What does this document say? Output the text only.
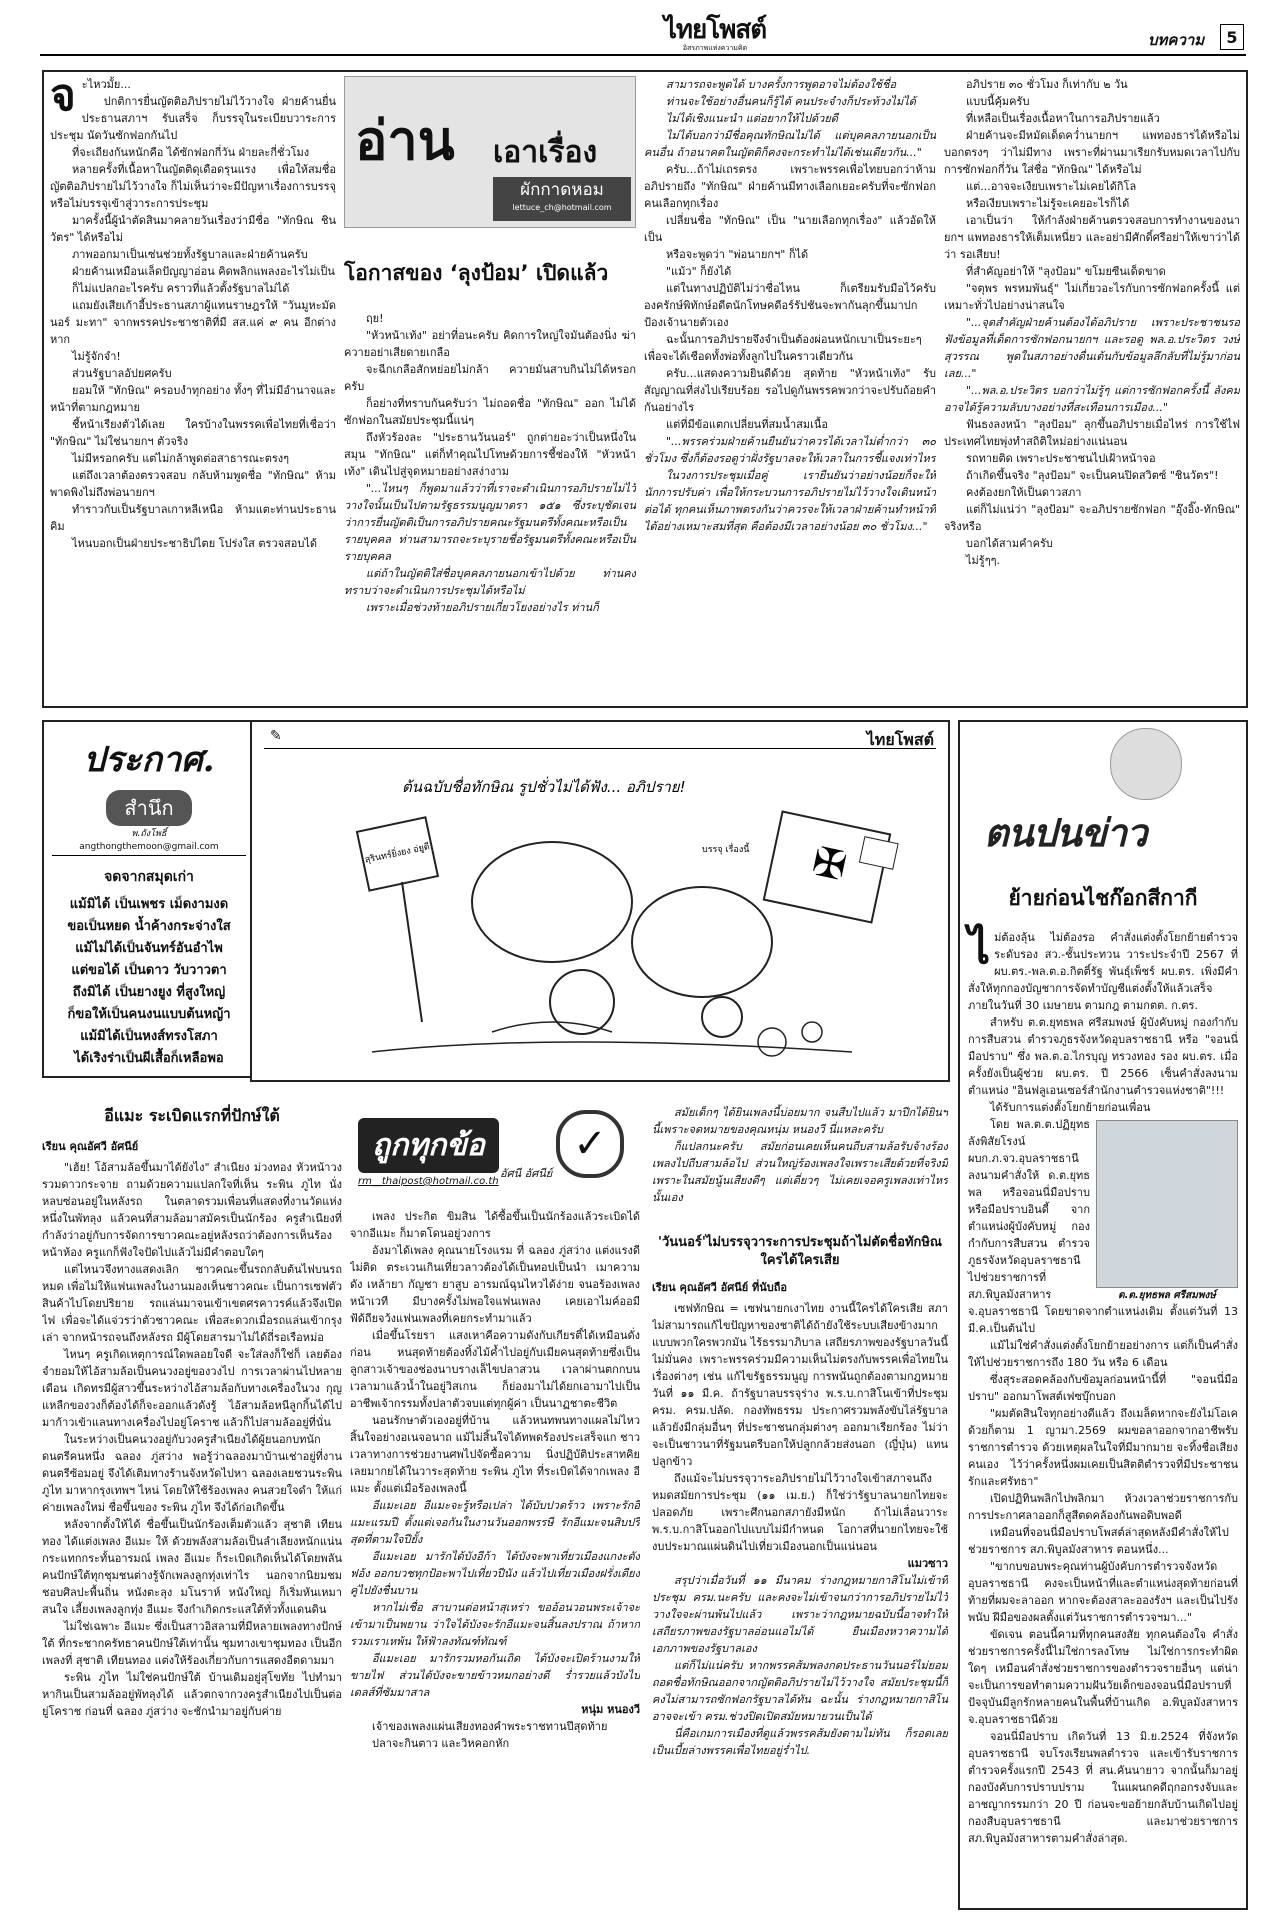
ไทยโพสต์
อิสรภาพแห่งความคิด	บทความ	5
จ ะไหวมั้ย...

ปกติการยื่นญัตติอภิปรายไม่ไว้วางใจ ฝ่ายค้านยื่นประธานสภาฯ รับเสร็จ ก็บรรจุในระเบียบวาระการประชุม นัดวันซักฟอกกันไป

ที่จะเถียงกันหนักคือ ได้ซักฟอกกี่วัน ฝ่ายละกี่ชั่วโมง

หลายครั้งที่เนื้อหาในญัตติดุเดือดรุนแรง เพื่อให้สมชื่อญัตติอภิปรายไม่ไว้วางใจ ก็ไม่เห็นว่าจะมีปัญหาเรื่องการบรรจุหรือไม่บรรจุเข้าสู่วาระการประชุม

มาครั้งนี้ผู้นำตัดสินมาคลายวันเรื่องว่ามีชื่อ "ทักษิณ ชินวัตร" ได้หรือไม่

ภาพออกมาเป็นเซ่นช่วยทั้งรัฐบาลและฝ่ายค้านครับ

ฝ่ายค้านเหมือนเล็ดปัญญาอ่อน คิดพลิกแพลงอะไรไม่เป็น

ก็ไม่แปลกอะไรครับ คราวที่แล้วตั้งรัฐบาลไม่ได้

แถมยังเสียเก้าอี้ประธานสภาผู้แทนราษฎรให้ "วันมูหะมัดนอร์ มะทา" จากพรรคประชาชาติที่มี สส.แค่ ๙ คน อีกต่างหาก

ไม่รู้จักจำ!

ส่วนรัฐบาลอัปยศครับ

ยอมให้ "ทักษิณ" ครอบงำทุกอย่าง ทั้งๆ ที่ไม่มีอำนาจและหน้าที่ตามกฎหมาย

ชี้หน้าเรียงตัวได้เลย ใครบ้างในพรรคเพื่อไทยที่เชื่อว่า "ทักษิณ" ไม่ใช่นายกฯ ตัวจริง

ไม่มีหรอกครับ แต่ไม่กล้าพูดต่อสาธารณะตรงๆ

แต่ถึงเวลาต้องตรวจสอบ กลับห้ามพูดชื่อ "ทักษิณ" ห้ามพาดพิงไม่ถึงพ่อนายกฯ

ทำราวกับเป็นรัฐบาลเกาหลีเหนือ ห้ามแตะท่านประธานคิม

ไหนบอกเป็นฝ่ายประชาธิปไตย โปร่งใส ตรวจสอบได้

อ่าน เอาเรื่อง
ผักกาดหอม
lettuce_ch@hotmail.com
โอกาสของ ‘ลุงป้อม’ เปิดแล้ว

ฤย!

"หัวหน้าเท้ง" อย่าที่อนะครับ คิดการใหญ่ใจมันต้องนิ่ง ฆ่าควายอย่าเสียดายเกลือ

จะฉีกเกลือสักหย่อยไม่กล้า ควายมันสาบกินไม่ได้หรอกครับ

ก็อย่างที่ทราบกันครับว่า ไม่ถอดชื่อ "ทักษิณ" ออก ไม่ได้ซักฟอกในสมัยประชุมนี้แน่ๆ

ถึงหัวร้องละ "ประธานวันนอร์" ถูกต่ายอะว่าเป็นหนึ่งในสมุน "ทักษิณ" แต่ก็ทำคุณไปโทษด้วยการชี้ช่องให้ "หัวหน้าเท้ง" เดินไปสู่จุดหมายอย่างสง่างาม

"...ไหนๆ ก็พูดมาแล้วว่าที่เราจะดำเนินการอภิปรายไม่ไว้วางใจนั้นเป็นไปตามรัฐธรรมนูญมาตรา ๑๕๑ ซึ่งระบุชัดเจนว่าการยื่นญัตติเป็นการอภิปรายคณะรัฐมนตรีทั้งคณะหรือเป็นรายบุคคล ท่านสามารถจะระบุรายชื่อรัฐมนตรีทั้งคณะหรือเป็นรายบุคคล

แต่ถ้าในญัตติใส่ชื่อบุคคลภายนอกเข้าไปด้วย ท่านคงทราบว่าจะดำเนินการประชุมได้หรือไม่

เพราะเมื่อช่วงท้ายอภิปรายเกี่ยวโยงอย่างไร ท่านก็

สามารถจะพูดได้ บางครั้งการพูดอาจไม่ต้องใช้ชื่อ

ท่านจะใช้อย่างอื่นคนก็รู้ได้ คนประจำงก็ประท้วงไม่ได้

ไม่ได้เชิงแนะนำ แต่อยากให้ไปด้วยดี

ไม่ได้บอกว่ามีชื่อคุณทักษิณไม่ได้ แต่บุคคลภายนอกเป็นคนอื่น ถ้าอนาคตในญัตติก็คงจะกระทำไม่ได้เช่นเดียวกัน..."

ครับ...ถ้าไม่เถรตรง เพราะพรรคเพื่อไทยบอกว่าห้ามอภิปรายถึง "ทักษิณ" ฝ่ายค้านมีทางเลือกเยอะครับที่จะซักฟอกคนเลือกทุกเรื่อง

เปลี่ยนชื่อ "ทักษิณ" เป็น "นายเลือกทุกเรื่อง" แล้วอัดให้เป็น

หรือจะพูดว่า "พ่อนายกฯ" ก็ได้

"แม้ว" ก็ยังได้

แต่ในทางปฏิบัติไม่ว่าชื่อไหน ก็เตรียมรับมือไว้ครับ องครักษ์พิทักษ์อดีตนักโทษคดีอร์รัปชันจะพากันลุกขึ้นมาปกป้องเจ้านายตัวเอง

ฉะนั้นการอภิปรายจึงจำเป็นต้องผ่อนหนักเบาเป็นระยะๆ เพื่อจะได้เชือดทั้งพ่อทั้งลูกไปในคราวเดียวกัน

ครับ...แสดงความยินดีด้วย สุดท้าย "หัวหน้าเท้ง" รับสัญญาณที่ส่งไปเรียบร้อย รอไปดูกันพรรคพวกว่าจะปรับถ้อยคำกันอย่างไร

แต่ที่มีข้อแตกเปลี่ยนที่สมน้ำสมเนื้อ

"...พรรคร่วมฝ่ายค้านยืนยันว่าควรได้เวลาไม่ต่ำกว่า ๓๐ ชั่วโมง ซึ่งก็ต้องรอดูว่าฝั่งรัฐบาลจะให้เวลาในการชี้แจงเท่าไหร่

ในวงการประชุมเมื่อคู่ เรายืนยันว่าอย่างน้อยก็จะให้นักการปรับค่า เพื่อให้กระบวนการอภิปรายไม่ไว้วางใจเดินหน้าต่อได้ ทุกคนเห็นภาพตรงกันว่าควรจะให้เวลาฝ่ายค้านทำหน้าที่ได้อย่างเหมาะสมที่สุด คือต้องมีเวลาอย่างน้อย ๓๐ ชั่วโมง..."

อภิปราย ๓๐ ชั่วโมง ก็เท่ากับ ๒ วัน

แบบนี้คุ้มครับ

ที่เหลือเป็นเรื่องเนื้อหาในการอภิปรายแล้ว

ฝ่ายค้านจะมีหมัดเด็ดคว่ำนายกฯ แพทองธารได้หรือไม่ บอกตรงๆ ว่าไม่มีทาง เพราะที่ผ่านมาเรียกรับหมดเวลาไปกับการซักฟอกกี่วัน ใส่ชื่อ "ทักษิณ" ได้หรือไม่

แต่...อาจจะเงียบเพราะไม่เคยได้กิโล

หรือเงียบเพราะไม่รู้จะเคยอะไรก็ได้

เอาเป็นว่า ให้กำลังฝ่ายค้านตรวจสอบการทำงานของนายกฯ แพทองธารให้เต็มเหนี่ยว และอย่ามีศักดิ์ศรีอย่าให้เขาว่าได้ว่า รอเสียบ!

ที่สำคัญอย่าให้ "ลุงป้อม" ขโมยซีนเด็ดขาด

"จตุพร พรหมพันธุ์" ไม่เกี่ยวอะไรกับการซักฟอกครั้งนี้ แต่เหมาะทั่วไปอย่างน่าสนใจ

"...จุดสำคัญฝ่ายค้านต้องได้อภิปราย เพราะประชาชนรอฟังข้อมูลที่เด็ดการซักฟอกนายกฯ และรอดู พล.อ.ประวิตร วงษ์สุวรรณ พูดในสภาอย่างดื่นเต้นกับข้อมูลลึกลับที่ไม่รู้มาก่อนเลย..."

"...พล.อ.ประวิตร บอกว่าไม่รู้ๆ แต่การซักฟอกครั้งนี้ ลังคมอาจได้รู้ความลับบางอย่างที่สะเทือนการเมือง..."

ฟันธงลงหน้า "ลุงป้อม" ลุกขึ้นอภิปรายเมื่อไหร่ การใช้ไฟประเทศไทยพุ่งทำสถิติใหม่อย่างแน่นอน

รถทายติด เพราะประชาชนไปเฝ้าหน้าจอ

ถ้าเกิดขึ้นจริง "ลุงป้อม" จะเป็นคนปิดสวิตซ์ "ชินวัตร"!

คงต้องยกให้เป็นดาวสภา

แต่ก็ไม่แน่ว่า "ลุงป้อม" จะอภิปรายซักฟอก "อุ๊งอิ๊ง-ทักษิณ" จริงหรือ

บอกได้สามคำครับ

ไม่รู้ๆๆ.

ประกาศ.
สำนึก
พ.ถังโพธิ์
angthongthemoon@gmail.com
จดจากสมุดเก่า
แม้มิได้ เป็นเพชร เม็ดงามงด
ขอเป็นหยด น้ำค้างกระจ่างใส
แม้ไม่ได้เป็นจันทร์อันอำไพ
แต่ขอได้ เป็นดาว วับวาวตา
ถึงมิได้ เป็นยางยูง ที่สูงใหญ่
ก็ขอให้เป็นคนงนแบบต้นหญ้า
แม้มิได้เป็นหงส์ทรงโสภา
ได้เริงร่าเป็นผีเสื้อก็เหลือพอ
ไทยโพสต์
✎
ต้นฉบับชื่อทักษิณ รูปชั่วไม่ได้ฟัง... อภิปราย!
สุรินทร์ยิ่งยง อ่ยูดี	✠
บรรจุ เรื่องนี้	ตนปนข่าว
ย้ายก่อนไชก๊อกสีกากี
ไ ม่ต้องลุ้น ไม่ต้องรอ คำสั่งแต่งตั้งโยกย้ายตำรวจระดับรอง สว.-ชั้นประทวน วาระประจำปี 2567 ที่ ผบ.ตร.-พล.ต.อ.กิตติ์รัฐ พันธุ์เพ็ชร์ ผบ.ตร. เพิ่งมีคำสั่งให้ทุกกองบัญชาการจัดทำบัญชีแต่งตั้งให้แล้วเสร็จภายในวันที่ 30 เมษายน ตามกฎ ตามกตต. ก.ตร.

สำหรับ ต.ต.ยุทธพล ศรีสมพงษ์ ผู้บังคับหมู่ กองกำกับการสืบสวน ตำรวจภูธรจังหวัดอุบลราชธานี หรือ "จอนนี่มือปราบ" ซึ่ง พล.ต.อ.ไกรบุญ ทรวงทอง รอง ผบ.ตร. เมื่อครั้งยังเป็นผู้ช่วย ผบ.ตร. ปี 2566 เซ็นคำสั่งลงนามตำแหน่ง "อินฟลูเอนเซอร์สำนักงานตำรวจแห่งชาติ"!!!

ได้รับการแต่งตั้งโยกย้ายก่อนเพื่อน

ด.ต.ยุทธพล ศรีสมพงษ์

โดย พล.ต.ต.ปฏิยุทธ ลังพิสัยโรงน์ ผบก.ภ.จว.อุบลราชธานีลงนามคำสั่งให้ ด.ต.ยุทธพล หรือจอนนี่มือปราบ หรือมือปราบอินดี้ จากตำแหน่งผู้บังคับหมู่ กองกำกับการสืบสวน ตำรวจภูธรจังหวัดอุบลราชธานี ไปช่วยราชการที่ สภ.พิบูลมังสาหาร จ.อุบลราชธานี โดยขาดจากตำแหน่งเดิม ตั้งแต่วันที่ 13 มี.ค.เป็นต้นไป

แม้ไม่ใช่คำสั่งแต่งตั้งโยกย้ายอย่างการ แต่ก็เป็นคำสั่งให้ไปช่วยราชการถึง 180 วัน หรือ 6 เดือน

ซึ่งสุระสอดคล้องกับข้อมูลก่อนหน้านี้ที่ "จอนนี่มือปราบ" ออกมาโพสต์เฟซบุ๊กบอก

"ผมตัดสินใจทุกอย่างดีแล้ว ถึงเมล็ดหากจะยังไม่โอเค ด้วยก็ตาม 1 ญามา.2569 ผมขอลาออกจากอาชีพรับราชการตำรวจ ด้วยเหตุผลในใจที่มีมากมาย จะทิ้งชื่อเสียงคนเอง ไว้ว่าครั้งหนึ่งผมเคยเป็นสิตติตำรวจที่มีประชาชนรักและศรัทธา"

เปิดปฏิทินพลิกไปพลิกมา ห้วงเวลาช่วยราชการกับการประกาศลาออกก็สูสีตดคล้องกันพอดิบพอดี

เหมือนที่จอนนี่มือปราบโพสต์ล่าสุดหลังมีคำสั่งให้ไปช่วยราชการ สภ.พิบูลมังสาหาร ตอนหนึ่ง...

"ขากบขอบพระคุณท่านผู้บังคับการตำรวจจังหวัดอุบลราชธานี คงจะเป็นหน้าที่และตำแหน่งสุดท้ายก่อนที่ท้ายที่ผมจะลาออก หากจะต้องสาละอองรังฯ และเป็นไปรังพนับ ฝีมือของผลตั้งแต่วันราชการตำรวจฯมา..."

ขัดเจน ตอนนี้คามที่ทุกคนสงสัย ทุกคนต้องใจ คำสั่งช่วยราชการครั้งนี้ไม่ใช่การลงโทษ ไม่ใช่การกระทำผิดใดๆ เหมือนคำสั่งช่วยราชการของตำรวจรายอื่นๆ แต่น่าจะเป็นการขอทำตามความฝันวัยเด็กของจอนนี่มือปราบที่ปัจจุบันมีลูกรักหลายคนในพื้นที่บ้านเกิด อ.พิบูลมังสาหาร จ.อุบลราชธานีด้วย

จอนนี่มือปราบ เกิดวันที่ 13 มิ.ย.2524 ที่จังหวัดอุบลราชธานี จบโรงเรียนพลตำรวจ และเข้ารับราชการตำรวจครั้งแรกปี 2543 ที่ สน.คันนายาว จากนั้นก็มาอยู่กองบังคับการปราบปราม ในแผนกคดีฤกอกรงจับและอาชญากรรมกว่า 20 ปี ก่อนจะขอย้ายกลับบ้านเกิดไปอยู่กองสืบอุบลราชธานี และมาช่วยราชการ สภ.พิบูลมังสาหารตามคำสั่งล่าสุด.

อีแมะ ระเบิดแรกที่ปักษ์ใต้
เรียน คุณอัศวี อัศนีย์

"เฮ้ย! โอ้สามล้อขึ้นมาได้ยังไง" สำเนียง ม่วงทอง หัวหน้าวงรวมดาวกระจาย ถามด้วยความแปลกใจที่เห็น ระพิน ภูไท นั่งหลบซ่อนอยู่ในหลังรถ ในตลาดรวมเพื่อนที่แสดงที่งานวัดแห่งหนึ่งในพัทลุง แล้วคนที่สามล้อมาสมัครเป็นนักร้อง ครูสำเนียงที่กำลังว่าอยู่กับการจัดการขาวคณะอยู่หลังรถว่าต้องการเห็นร้องหน้าห้อง ครูแกก็ฟังใจปัดไปแล้วไม่มีคำตอบใดๆ

แต่ไหนวจึงทางแสดงเลิก ชาวคณะขึ้นรถกลับต้นไฟบนรถหมด เพื่อไม่ให้แฟนเพลงในงานมองเห็นชาวคณะ เป็นการเซฟตัวสินค้าไปโดยปริยาย รถแล่นมาจนเข้าเขตศรคาวรค์แล้วจึงเปิดไฟ เพื่อจะได้แจ่วรว่าตัวชาวคณะ เพื่อสะดวกเมื่อรถแล่นเข้ากรุงเล่า จากหน้ารถจนถึงหลังรถ มีผู้โดยสารมาไม่ได้ถี่รอเรือหม่อ

ไหนๆ ครูเกิดเหตุการณ์ใดพลอยใจดี จะใส่ลงก็ใช่ก็ เลยต้องจำยอมให้ไอ้สามล้อเป็นคนวงอยู่ของวงไป การเวลาผ่านไปหลายเดือน เกิดทรมีผู้สาวขึ้นระหว่างไอ้สามล้อกับทางเครื่องในวง กุญแหลืกของวงก็ต้องได้ก็จะออกแล้วดังรู้ ไอ้สามล้อหนีลูกกิ้นได้ไปมาก้าวเข้าแลนทางเครื่องไปอยู่โคราช แล้วก็ไปสามล้ออยู่ที่นั่น

ในระหว่างเป็นคนวงอยู่กับวงครูสำเนียงได้ผู้ยนอกบทนักดนตรีคนหนึ่ง ฉลอง ภู่สว่าง พอรู้ว่าฉลองมาบ้านเช่าอยู่ที่งานดนตรีซ้อมอยู่ จึงได้เติมทางร้านจังหวัดไปหา ฉลองเลยชวนระพิน ภูไท มาหากรุงเทพฯ ไหน่ โดยให้ใช้ร้องเพลง คนสวยใจดำ ให้แก่ค่ายเพลงใหม่ ชื่อขึ้นของ ระพิน ภูไท จึงได้ก่อเกิดขึ้น

หลังจากตั้งให้ได้ ชื่อขึ้นเป็นนักร้องเต็มตัวแล้ว สุชาติ เทียนทอง ได้แต่งเพลง อีแมะ ให้ ด้วยพลังสามล้อเป็นลำเลียงหนักแน่น กระแทกกระทั้นอารมณ์ เพลง อีแมะ ก็ระเบิดเกิดเห็นได้โดยพลัน คนปักษ์ใต้ทุกชุมชนต่างรู้จักเพลงลูกทุ่งเท่าไร นอกจากนิยมชมชอบศิลปะพื้นถิ่น หนังตะลุง มโนราห์ หนังใหญ่ ก็เริ่มหันเหมาสนใจ เลี้ยงเพลงลูกทุ่ง อีแมะ จึงกำเกิดกระแสใต้ทั่วทั้งแดนดิน

ไม่ใช่เฉพาะ อีแมะ ซึ่งเป็นสาวอิสลามที่มีหลายเพลงทางปักษ์ใต้ ที่กระชากครัทธาคนปักษ์ใต้เท่านั้น ชุมทางเขาชุมทอง เป็นอีกเพลงที่ สุชาติ เทียนทอง แต่งให้ร้องเกี่ยวกับการแสดงอีตดามมา

ระพิน ภูไท ไม่ใช่คนปักษ์ใต้ บ้านเดิมอยู่สุโขทัย ไปทำมาหากินเป็นสามล้ออยู่พัทลุงได้ แล้วตกจากวงครูสำเนียงไปเป็นต่อยู่โคราช ก่อนที่ ฉลอง ภู่สว่าง จะชักนำมาอยู่กับค่าย

ถูกทุกข้อ	✓
อัศนี อัศนีย์
rm__thaipost@hotmail.co.th

เพลง ประกิต ขิมสิน ได้ซื้อขึ้นเป็นนักร้องแล้วระเบิดได้จากอีแมะ ก็มาตโดนอยู่วงการ

อังมาได้เพลง คุณนายโรงแรม ที่ ฉลอง ภู่สว่าง แต่งแรงดีไม่ติด ตระเวนเกินเที่ยวลาวต้องได้เป็นทอปเป็นนำ เมาความดัง เหล้ายา กัญชา ยาสูบ อารมณ์ฉุนไหวได้ง่าย จนอร้องเพลงหน้าเวที มีบางครั้งไม่พอใจแฟนเพลง เคยเอาไมค์ออมีฟ้ด้ถียจว้งแฟนเพลงที่เคยกระทำมาแล้ว

เมื่อขึ้นโรยรา แสงเหาคือความดังกับเกียรติ์ได้เหมือนดั่งก่อน หนสุดท้ายต้องทิ้งไม้ค้ำไปอยู่กับเมียคนสุดท้ายซึ่งเป็นลูกสาวเจ้าของช่องนาบรางเล็ไขปลาสวน เวลาผ่านตกกบนเวลามาแล้วน้ำในอยู่วิสเกน ก็ย่องมาไม่ได้ยกเอามาไปเป็นอาชีพเจ้ากรรมทั้งปลาตัวจบแต่ทุกผู้ค่า เป็นนาฏชาตะชีวิต

นอนรักษาตัวเองอยู่ที่บ้าน แล้วหนทพนทางแผลไม่ไหวสิ้นใจอย่างอเนจอนาถ แม้ไม่สิ้นใจได้ทพดร้องประเสร็จแก ชาวเวลาทางการช่วยงานศพไปจัดซื้อความ นิ่งปฏิบัติประสาทคิยเลยมากยได้ในวาระสุดท้าย ระพิน ภูไท ที่ระเบิดได้จากเพลง อีแมะ ตั้งแต่เมื่อร้องเพลงนี้

อีแมะเอย อีแมะจะรู้หรือเปล่า ได้บับปวดร้าว เพราะรักอีแมะแรมปี ตั้งแต่เจอกันในงานวันออกพรรษี รักอีแมะจนสิบปรี สุดที่ตามใจปียั้ง

อีแมะเอย มารักได้บังอีก้า ได้บังจะพาเที่ยวเมืองแกงะดังฟอ้ง ออกบวชทุกป้อะพาไปเที่ยวปีนัง แล้วไปเที่ยวเมืองฝรั่งเดียงคู่ไปยังชื่นบาน

หากไม่เชื่อ สาบานต่อหน้าสุเหร่า ขออ้อนวอนพระเจ้าจะเข้ามาเป็นพยาน ว่าใจได้บังจะรักอีแมะจนสิ้นลงปราณ ถ้าหากรวมเราเหพ้น ให้ฟ้าลงทัณฑ์ทัณฑ์

อีแมะเอย มารักรวมหอกันเถิด ได้บังจะเปิดร้านงามให้ขายไฟ ส่วนได้บังจะขายข้าวหมกอย่างดี ร่ำรวยแล้วบังไปเดลส์ที่ซัมมาสาล

หนุ่ม หนองวี

เจ้าของเพลงแผ่นเสียงทองคำพระราชทานปีสุดท้าย

ปลาจะกินตาว และวิหคอกหัก

สมัยเด็กๆ ได้ยินเพลงนี้บ่อยมาก จนสืบไปแล้ว มาปีกได้ยินฯนี้เพราะจดหมายของคุณหนุ่ม หนองวี นี่แหละครับ

ก็แปลกนะครับ สมัยก่อนเคยเห็นคนถีบสามล้อรับจ้างร้องเพลงไปถีบสามล้อไป ส่วนใหญ่ร้องเพลงใจเพราะเสียด้วยที่จริงมีเพราะในสมัยนู้นเสียงดีๆ แต่เดี่ยวๆ ไม่เคยเจอครูเพลงเท่าไหร่นั้นเอง

'วันนอร์'ไม่บรรจุวาระการประชุมถ้าไม่ตัดชื่อทักษิณ ใครได้ใครเสีย
เรียน คุณอัศวี อัศนีย์ ที่นับถือ

เซฟทักษิณ = เซฟนายกเงาไทย งานนี้ใครได้ใครเสีย สภาไม่สามารถแก้ไขปัญหาของชาติได้ถ้ายังใช้ระบบเสียงข้างมากแบบพวกใครพวกมัน ไร้ธรรมาภิบาล เสถียรภาพของรัฐบาลวันนี้ไม่มั่นคง เพราะพรรคร่วมมีความเห็นไม่ตรงกับพรรคเพื่อไทยในเรื่องต่างๆ เช่น แก้ไขรัฐธรรมนูญ การพนันถูกต้องตามกฎหมาย วันที่ ๑๑ มี.ค. ถ้ารัฐบาลบรรจุร่าง พ.ร.บ.กาสิโนเข้าที่ประชุม ครม. ครม.ปลัด. กองทัพธรรม ประกาศรวมพลังขับไล่รัฐบาล แล้วยังมีกลุ่มอื่นๆ ที่ประชาชนกลุ่มต่างๆ ออกมาเรียกร้อง ไม่ว่าจะเป็นชาวนาที่รัฐมนตรีบอกให้ปลูกกล้วยส่งนอก (ญี่ปุ่น) แทนปลูกข้าว

ถึงแม้จะไม่บรรจุวาระอภิปรายไม่ไว้วางใจเข้าสภาจนถึงหมดสมัยการประชุม (๑๑ เม.ย.) ก็ใช่ว่ารัฐบาลนายกไทยจะปลอดภัย เพราะศึกนอกสภายังมีหนัก ถ้าไม่เลื่อนวาระ พ.ร.บ.กาสิโนออกไปแบบไม่มีกำหนด โอกาสที่นายกไทยจะใช้งบประมาณแผ่นดินไปเที่ยวเมืองนอกเป็นแน่นอน

แมวซาว

สรุปว่าเมื่อวันที่ ๑๑ มีนาคม ร่างกฎหมายกาสิโนไม่เข้าที่ประชุม ครม.นะครับ และคงจะไม่เข้าจนกว่าการอภิปรายไม่ไว้วางใจจะผ่านพ้นไปแล้ว เพราะว่ากฎหมายฉบับนี้อาจทำให้เสถียรภาพของรัฐบาลอ่อนแอไม่ได้ ยืนเมืองหวาความได้ เอกภาพของรัฐบาลเอง

แต่ก็ไม่แน่ครับ หากพรรคส้มพลงกดประธานวันนอร์ไม่ยอมถอดชื่อทักษิณออกจากญัตติอภิปรายไม่ไว้วางใจ สมัยประชุมนี้ก็คงไม่สามารถซักฟอกรัฐบาลได้ทัน ฉะนั้น ร่างกฎหมายกาสิโนอาจจะเข้า ครม.ช่วงปิดเปิดสมัยหมายวนเป็นได้

นี่คือเกมการเมืองที่ดูแล้วพรรคส้มยังตามไม่ทัน ก็รอดเลย เป็นเบี้ยล่างพรรคเพื่อไทยอยู่ร่ำไป.
